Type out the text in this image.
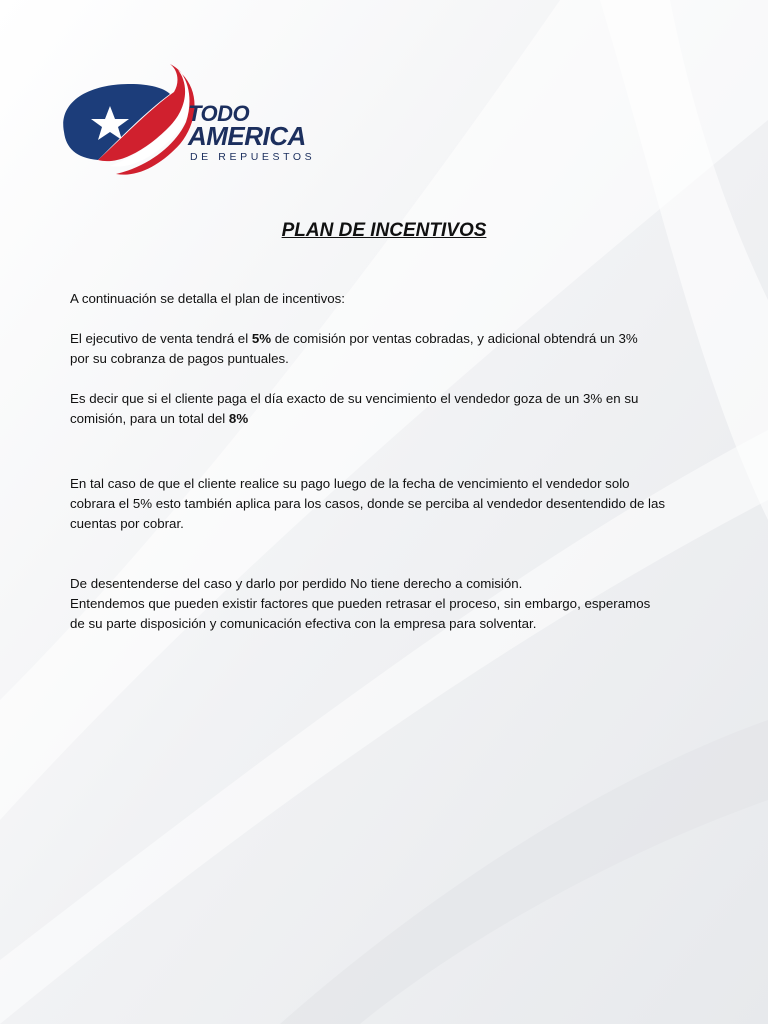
TODO
AMERICA
DE REPUESTOS
PLAN DE INCENTIVOS

A continuación se detalla el plan de incentivos:

El ejecutivo de venta tendrá el 5% de comisión por ventas cobradas, y adicional obtendrá un 3%
por su cobranza de pagos puntuales.

Es decir que si el cliente paga el día exacto de su vencimiento el vendedor goza de un 3% en su
comisión, para un total del 8%

En tal caso de que el cliente realice su pago luego de la fecha de vencimiento el vendedor solo
cobrara el 5% esto también aplica para los casos, donde se perciba al vendedor desentendido de las
cuentas por cobrar.

De desentenderse del caso y darlo por perdido No tiene derecho a comisión.
Entendemos que pueden existir factores que pueden retrasar el proceso, sin embargo, esperamos
de su parte disposición y comunicación efectiva con la empresa para solventar.
